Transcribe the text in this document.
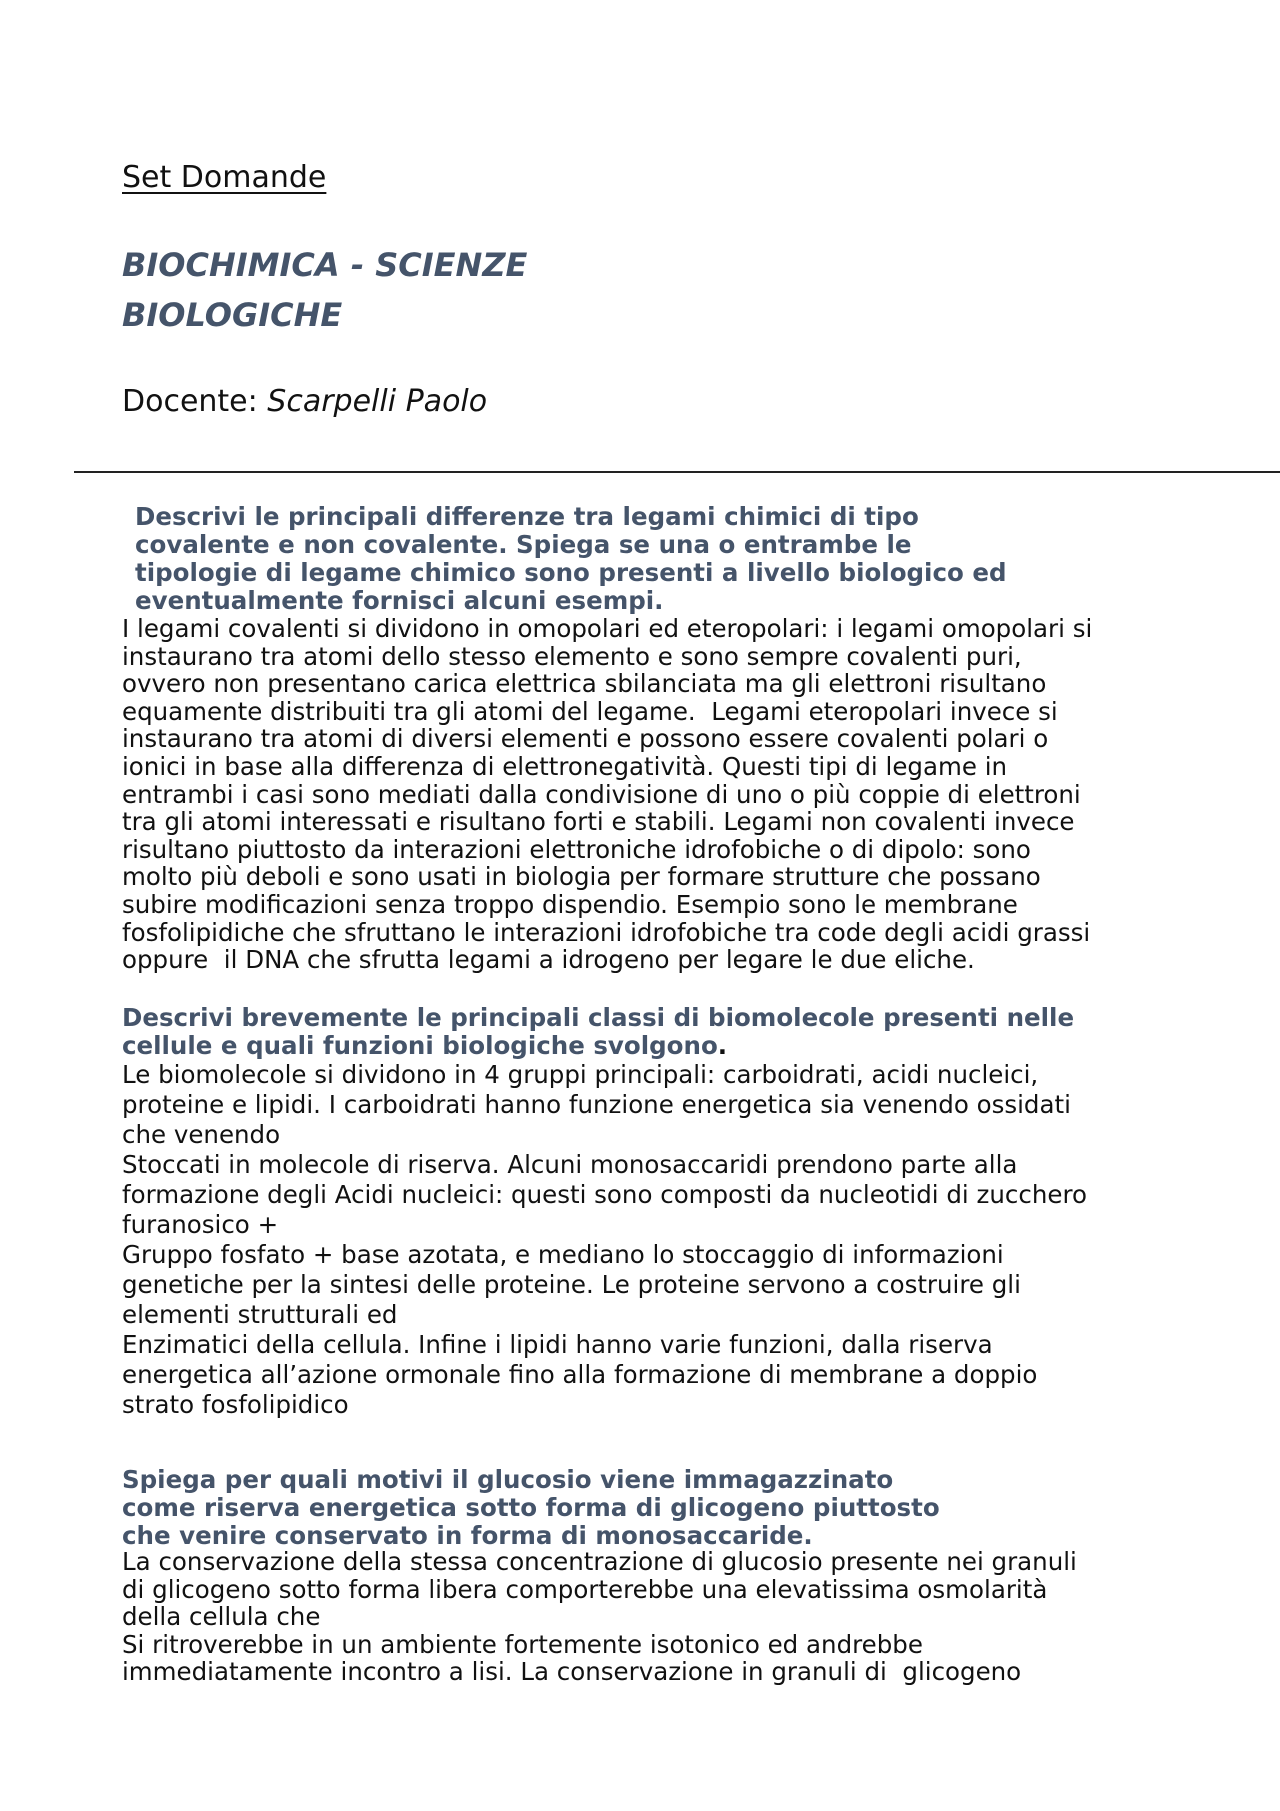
Set Domande
BIOCHIMICA - SCIENZE
BIOLOGICHE

Docente: Scarpelli Paolo

Descrivi le principali differenze tra legami chimici di tipo
covalente e non covalente. Spiega se una o entrambe le
tipologie di legame chimico sono presenti a livello biologico ed
eventualmente fornisci alcuni esempi.
I legami covalenti si dividono in omopolari ed eteropolari: i legami omopolari si
instaurano tra atomi dello stesso elemento e sono sempre covalenti puri,
ovvero non presentano carica elettrica sbilanciata ma gli elettroni risultano
equamente distribuiti tra gli atomi del legame.  Legami eteropolari invece si
instaurano tra atomi di diversi elementi e possono essere covalenti polari o
ionici in base alla differenza di elettronegatività. Questi tipi di legame in
entrambi i casi sono mediati dalla condivisione di uno o più coppie di elettroni
tra gli atomi interessati e risultano forti e stabili. Legami non covalenti invece
risultano piuttosto da interazioni elettroniche idrofobiche o di dipolo: sono
molto più deboli e sono usati in biologia per formare strutture che possano
subire modificazioni senza troppo dispendio. Esempio sono le membrane
fosfolipidiche che sfruttano le interazioni idrofobiche tra code degli acidi grassi
oppure  il DNA che sfrutta legami a idrogeno per legare le due eliche.
Descrivi brevemente le principali classi di biomolecole presenti nelle
cellule e quali funzioni biologiche svolgono.
Le biomolecole si dividono in 4 gruppi principali: carboidrati, acidi nucleici,
proteine e lipidi. I carboidrati hanno funzione energetica sia venendo ossidati
che venendo
Stoccati in molecole di riserva. Alcuni monosaccaridi prendono parte alla
formazione degli Acidi nucleici: questi sono composti da nucleotidi di zucchero
furanosico +
Gruppo fosfato + base azotata, e mediano lo stoccaggio di informazioni
genetiche per la sintesi delle proteine. Le proteine servono a costruire gli
elementi strutturali ed
Enzimatici della cellula. Infine i lipidi hanno varie funzioni, dalla riserva
energetica all’azione ormonale fino alla formazione di membrane a doppio
strato fosfolipidico
Spiega per quali motivi il glucosio viene immagazzinato
come riserva energetica sotto forma di glicogeno piuttosto
che venire conservato in forma di monosaccaride.
La conservazione della stessa concentrazione di glucosio presente nei granuli
di glicogeno sotto forma libera comporterebbe una elevatissima osmolarità
della cellula che
Si ritroverebbe in un ambiente fortemente isotonico ed andrebbe
immediatamente incontro a lisi. La conservazione in granuli di  glicogeno
